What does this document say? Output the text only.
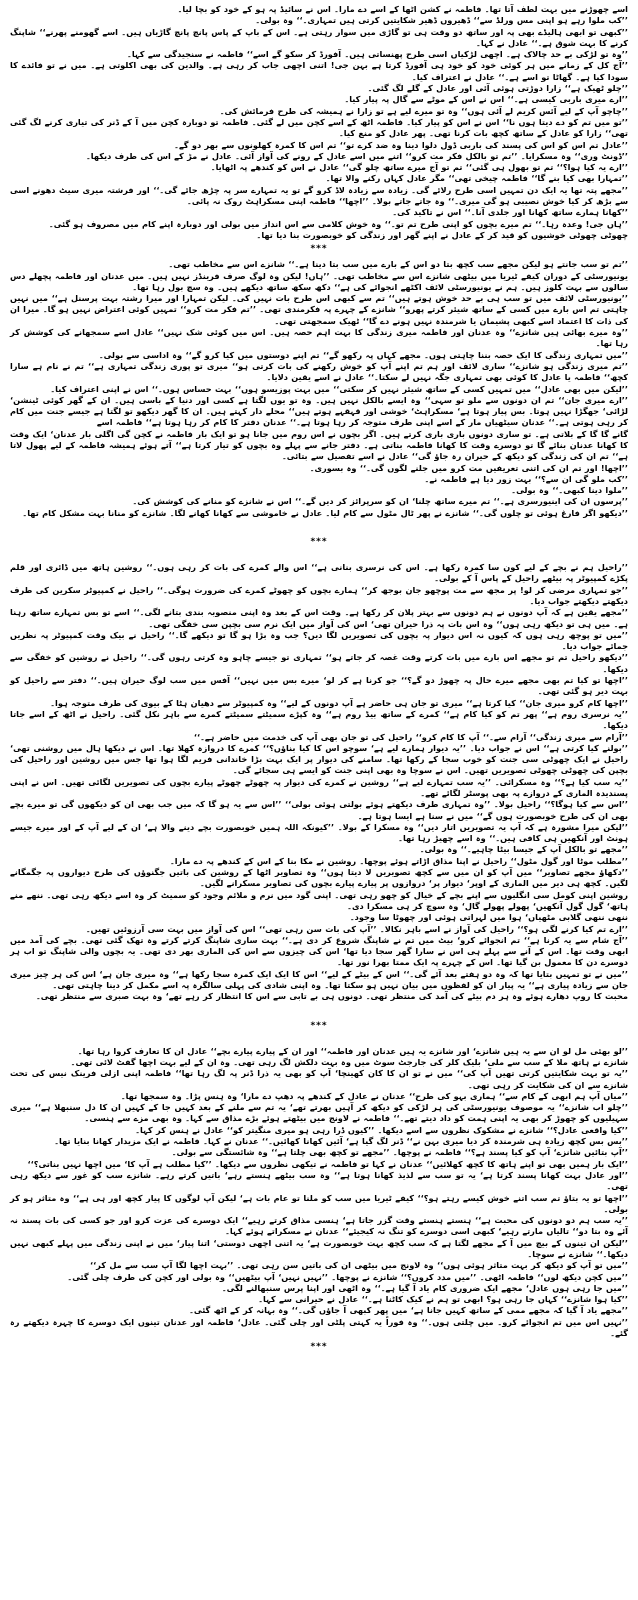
اسے چھوڑنے میں بہت لطف آتا تھا۔ فاطمہ نے کشن اٹھا کے اسے دے مارا۔ اس نے سائیڈ پہ ہو کے خود کو بچا لیا۔

’’کب ملوا رہے ہو اپنی مس ورلڈ سے‘‘ ڈھیروں ڈھیر شکایتیں کرتی ہیں تمہاری۔‘‘ وہ بولی۔

’’کبھی تو ابھی ہالیڈے بھی پہ اور ساتھ دو وقت ہی تو گاڑی میں سوار رہتی ہے۔ اس کے باپ کے پاس پانچ پانچ گاڑیاں ہیں۔ اسے گھومنے پھرنے‘‘ شاپنگ کرنے کا بہت شوق ہے۔‘‘ عادل نے کہا۔

’’وہ تو لڑکی بے حد چالاک ہے۔ اچھی لڑکیاں اسی طرح پھنساتی ہیں۔ آفورڈ کر سکو گے اسے‘‘ فاطمہ نے سنجیدگی سے کہا۔

’’آج کل کے زمانے میں ہر کوئی خود کو خود ہی آفورڈ کرتا ہے بہن جی! اتنی اچھی جاب کر رہی ہے۔ والدین کی بھی اکلوتی ہے۔ میں نے تو فائدے کا سودا کیا ہے۔ گھاٹا تو اسے ہے۔‘‘ عادل نے اعتراف کیا۔

’’چلو ٹھیک ہے‘‘ زارا دوڑتی ہوئی آئی اور عادل کے گلے لگ گئی۔

’’ارے میری باربی کیسی ہے۔‘‘ اس نے اس کے موٹے سے گال پہ پیار کیا۔

’’چاچو آپ کے لیے آئس کریم لے آئی ہوں‘‘ وہ تو میرے لیے ہے تو زارا نے ہمیشہ کی طرح فرمائش کی۔

’’تو میں تم کو دے دیتا ہوں نا‘‘ اس نے اس کو پیار کیا۔ فاطمہ اٹھ کے اسے کچن میں لے گئی۔ فاطمہ تو دوبارہ کچن میں آ کے ڈنر کی تیاری کرنے لگ گئی تھی‘‘ زارا کو عادل کے ساتھ کچھ بات کرنا تھی۔ پھر عادل کو منع کیا۔

’’عادل تم اس کو اس کی پسند کی باربی ڈول دلوا دینا وہ ضد کرے تو‘‘ تم اس کا کمرہ کھلونوں سے بھر دو گے۔

’’ڈونٹ وری‘‘ وہ مسکرایا۔ ’’تم تو بالکل فکر مت کرو‘‘ اتنے میں اسے عادل کے رونے کی آواز آئی۔ عادل نے مڑ کے اس کی طرف دیکھا۔

’’ارے یہ کیا ہوا؟‘‘ تم تو بھول ہی گئی‘‘ تم تو آج میرے ساتھ چلو گی‘‘ عادل نے اس کو کندھے پہ اٹھایا۔

’’تمہارا بھی کیا بنے گا‘‘ فاطمہ چیخی تھی‘‘ مگر عادل کہاں رکنے والا تھا۔

’’مجھے پتہ تھا یہ ایک دن تمہیں اسی طرح رلائے گی۔ زیادہ سے زیادہ لاڈ کرو گے تو یہ تمہارے سر پہ چڑھ جائے گی۔‘‘ اور فرشتہ میری سیٹ دھونے اسی سے بڑھ کر کیا خوش نصیبی ہو گی میری۔‘‘ وہ جاتے جاتے بولا۔ ’’اچھا‘‘ فاطمہ اپنی مسکراہٹ روک نہ پائی۔

’’کھانا ہمارے ساتھ کھانا اور جلدی آنا۔‘‘ اس نے تاکید کی۔

’’ہاں جی! وعدہ رہا۔‘‘ تم میرے بچوں کو اپنی طرح تم تو۔‘‘ وہ خوش کلامی سے اس انداز میں بولی اور دوبارہ اپنے کام میں مصروف ہو گئی۔

چھوٹی چھوٹی خوشیوں کو قید کر کے عادل نے اپنے گھر اور زندگی کو خوبصورت بنا دیا تھا۔

***

’’تم تو سب جانتے ہو لیکن مجھے سب کچھ بتا دو اس کے بارے میں سب بتا دینا ہے۔‘‘ شانزے اس سے مخاطب تھی۔

یونیورسٹی کے دوران کیفے ٹیریا میں بیٹھی شانزے اس سے مخاطب تھی۔ ’’ہاں! لیکن وہ لوگ صرف فرینڈز نہیں ہیں۔ میں عدنان اور فاطمہ پچھلے دس سالوں سے بہت کلوز ہیں۔ ہم نے یونیورسٹی لائف اکٹھے انجوائے کی ہے‘‘ دکھ سکھ ساتھ دیکھے ہیں۔ وہ سچ بول رہا تھا۔

’’یونیورسٹی لائف میں تو سب ہی بے حد خوش ہوتے ہیں‘‘ تم سے کبھی اس طرح بات نہیں کی۔ لیکن تمہارا اور میرا رشتہ بہت پرسنل ہے‘‘ میں نہیں چاہتی تم اس بارے میں کسی کے ساتھ شیئر کرتے پھرو‘‘ شانزے کے چہرے پہ فکرمندی تھی۔ ’’تم فکر مت کرو‘‘ تمہیں کوئی اعتراض نہیں ہو گا۔ میرا ان کی ذات کا اعتماد اسے کبھی پشیمان یا شرمندہ نہیں ہونے دے گا‘‘ ٹھیک سمجھتی تھی۔

’’وہ میرے بھائی ہیں شانزے‘‘ وہ عدنان اور فاطمہ میری زندگی کا بہت اہم حصہ ہیں۔ اس میں کوئی شک نہیں‘‘ عادل اسے سمجھانے کی کوشش کر رہا تھا۔

’’میں تمہاری زندگی کا ایک حصہ بننا چاہتی ہوں۔ مجھے کہاں پہ رکھو گے‘‘ تم اپنے دوستوں میں کیا کرو گے‘‘ وہ اداسی سے بولی۔

’’تم میری زندگی ہو شانزے‘‘ ساری لائف اور ہم تم اپنے آپ کو خوش رکھنے کی بات کرتی ہو‘‘ میری تو پوری زندگی تمہاری ہے‘‘ تم نے نام ہے سارا کچھ‘‘ فاطمہ یا عادل کا کوئی بھی تمہاری جگہ نہیں لے سکتا۔‘‘ عادل نے اسے یقین دلایا۔

’’لیکن میں بھی عادل‘‘ میں تمہیں کسی کے ساتھ شیئر نہیں کر سکتی‘‘ میں بہت پوزیسو ہوں‘‘ بہت حساس ہوں۔‘‘ اس نے اپنی اعتراف کیا۔

’’ارے میری جان‘‘ تم ان دونوں سے ملو تو سہی‘‘ وہ ایسے بالکل نہیں ہیں۔ وہ تو یوں لگتا ہے کسی اور دنیا کے باسی ہیں۔ ان کے گھر کوئی ٹینشن‘ لڑائی‘ جھگڑا نہیں ہوتا۔ بس پیار ہوتا ہے‘ مسکراہٹ‘ خوشی اور قہقہے ہوتے ہیں‘‘ محلے دار کہتے ہیں۔ ان کا گھر دیکھو تو لگتا ہے جیسے جنت میں کام کر رہی ہوتی ہے۔‘‘ عدنان سیٹھیاں مار کے اسے اپنی طرف متوجہ کر رہا ہوتا ہے۔‘‘ عدنان دفتر کا کام کر رہا ہوتا ہے‘‘ فاطمہ اسے

گانے گا گا کے بلاتی ہے۔ تو ساری دونوں باری باری کرتے ہیں۔ اگر بچوں نے اس روم میں جانا ہو تو ایک بار فاطمہ نے کچن گی اگلی بار عدنان‘ ایک وقت کا کھانا عدنان بنائے گا تو دوسرے وقت کا کھانا فاطمہ بناتی ہے۔ دفتر جانے سے پہلے وہ بچوں کو تیار کرتا ہے‘‘ آتے ہوئے ہمیشہ فاطمہ کے لیے پھول لاتا ہے‘‘ تم ان کی زندگی کو دیکھ کے حیران رہ جاؤ گی‘‘ عادل نے اسے تفصیل سے بتائی۔

’’اچھا! اور تم ان کی اتنی تعریفیں مت کرو میں جلنے لگوں گی۔‘‘ وہ بسوری۔

’’کب ملو گی ان سے؟‘‘ بہت زور دیا ہے فاطمہ نے۔

’’ملوا دینا کبھی۔‘‘ وہ بولی۔

’’پرسوں ان کی اینیورسری ہے۔‘‘ تم میرے ساتھ چلنا‘ ان کو سرپرائز کر دیں گے۔‘‘ اس نے شانزے کو منانے کی کوشش کی۔

’’دیکھو اگر فارغ ہوئی تو چلوں گی۔‘‘ شانزے نے پھر ٹال مٹول سے کام لیا۔ عادل نے خاموشی سے کھانا کھانے لگا۔ شانزے کو منانا بہت مشکل کام تھا۔

***

’’راحیل ہم نے بچے کے لیے کون سا کمرہ رکھا ہے۔ اس کی نرسری بنانی ہے‘‘ اس والے کمرے کی بات کر رہی ہوں۔‘‘ روشین ہاتھ میں ڈائری اور قلم پکڑے کمپیوٹر پہ بیٹھے راحیل کے پاس آ کے بولی۔

’’جو تمہاری مرضی کر لو! پر مجھ سے مت پوچھو جان بوجھ کر‘‘ ہمارے بچوں کو چھوٹے کمرے کی ضرورت ہوگی۔‘‘ راحیل نے کمپیوٹر سکرین کی طرف دیکھتے دیکھتے جواب دیا۔

’’مجھے یقین ہے کہ آپ دونوں نے ہم دونوں سے بہتر پلان کر رکھا ہے۔ وقت اس کے بعد وہ اپنی منصوبہ بندی بتانے لگی۔‘‘ اسے تو بس تمہارے ساتھ رہنا ہے۔ میں ہی تو دیکھ رہی ہوں‘‘ وہ اس بات پہ ذرا حیران تھی‘ اس کی آواز میں ایک نرم سی بچپن سی خفگی تھی۔

’’میں تو پوچھ رہی ہوں کہ کیوں نہ اس دیوار پہ بچوں کی تصویریں لگا دیں؟ جب وہ بڑا ہو گا تو دیکھے گا۔‘‘ راحیل نے بیک وقت کمپیوٹر پہ نظریں جمائے جواب دیا۔

’’دیکھو راحیل تم تو مجھے اس بارے میں بات کرتے وقت غصہ کر جاتے ہو‘‘ تمہاری تو جیسے چاہو وہ کرتی رہوں گی۔‘‘ راحیل نے روشین کو خفگی سے دیکھا۔

’’اچھا تو کیا تم بھی مجھے میرے حال پہ چھوڑ دو گے؟‘‘ جو کرنا ہے کر لو‘ میرے بس میں نہیں‘‘ آفس میں سب لوگ حیران ہیں۔‘‘ دفتر سے راحیل کو بہت دیر ہو گئی تھی۔

’’اچھا کام کرو میری جان‘‘ کیا کرتا ہے‘‘ میری تو جان ہی حاضر ہے آپ دونوں کے لیے‘‘ وہ کمپیوٹر سے دھیان ہٹا کے بیوی کی طرف متوجہ ہوا۔

’’یہ نرسری روم ہے‘‘ پھر تم کو کیا کام ہے‘‘ کمرے کے ساتھ بیڈ روم ہے‘‘ وہ کپڑے سمیٹتے سمیٹتے کمرے سے باہر نکل گئی۔ راحیل نے اٹھ کے اسے جاتا دیکھا۔

’’آرام سے میری زندگی‘‘ آرام سے۔‘‘ آپ کا کام کرو‘‘ راحیل کی تو جان بھی آپ کی خدمت میں حاضر ہے۔‘‘

’’بولنے کیا کرتی ہے‘‘ اس نے جواب دیا۔ ’’یہ دیوار ہمارے لیے ہے‘ سوچو اس کا کیا بناؤں؟‘‘ کمرے کا دروازہ کھلا تھا۔ اس نے دیکھا ہال میں روشنی تھی‘ راحیل نے ایک چھوٹی سی جنت کو خوب سجا کے رکھا تھا۔ سامنے کی دیوار پر ایک بہت بڑا خاندانی فریم لگا ہوا تھا جس میں روشین اور راحیل کی بچپن کی چھوٹی چھوٹی تصویریں تھیں۔ اس نے سوچا وہ بھی اپنی جنت کو ایسے ہی سجائے گی۔

’’یہ سب کیا ہے؟‘‘ وہ مسکرائی۔ ’’یہ سب تمہارے لیے ہے‘‘ روشین نے کمرے کی دیوار پہ چھوٹے چھوٹے پیارے بچوں کی تصویریں لگائی تھیں۔ اس نے اپنی پسندیدہ الماری کے دروازے پہ بھی پوسٹر لگائے تھے۔

’’اس سے کیا ہوگا؟‘‘ راحیل بولا۔ ’’وہ تمہاری طرف دیکھتے ہوئے بولتی ہوئی بولی‘‘ ’’اس سے یہ ہو گا کہ میں جب بھی ان کو دیکھوں گی تو میرے بچے بھی ان کی طرح خوبصورت ہوں گے‘‘ میں نے سنا ہے ایسا ہوتا ہے۔

’’لیکن میرا مشورہ ہے کہ آپ یہ تصویریں اتار دیں‘‘ وہ مسکرا کے بولا۔ ’’کیونکہ اللہ ہمیں خوبصورت بچے دینے والا ہے‘ ان کے لیے آپ کے اور میرے جیسے ہونٹ اور آنکھیں ہی کافی ہیں۔‘‘ وہ اسے چھیڑ رہا تھا۔

’’مجھے تو بالکل آپ کے جیسا بیٹا چاہیے۔‘‘ وہ بولی۔

’’مطلب موٹا اور گول مٹول‘‘ راحیل نے اپنا مذاق اڑاتے ہوئے پوچھا۔ روشین نے مکا بنا کے اس کے کندھے پہ دے مارا۔

’’دکھاؤ مجھے تصاویر‘‘ میں آپ کو ان میں سے کچھ تصویریں لا دیتا ہوں‘‘ وہ تصاویر اٹھا کے روشین کی باتیں جگنوؤں کی طرح دیواروں پہ جگمگانے لگیں۔ کچھ ہی دیر میں الماری کے اوپر‘ دیوار پر‘ دروازوں پر پیارے پیارے بچوں کی تصاویر مسکرانے لگیں۔

روشین اپنی کومل سی انگلیوں سے اپنے بچے کے خیال کو چھو رہی تھی۔ اپنی گود میں نرم و ملائم وجود کو سمیٹ کر وہ اسے دیکھ رہی تھی۔ ننھے منے ہاتھ‘ گول گول آنکھیں‘ پھولے پھولے گال‘ وہ سوچ کر ہی مسکرا دی۔

ننھی ننھی گلابی مٹھیاں‘ ہوا میں لہراتی ہوئی اور چھوٹا سا وجود۔

’’ارے تم کیا کرنے لگی ہو؟‘‘ راحیل کی آواز نے اسے باہر نکالا۔ ’’آپ کی بات سن رہی تھی‘‘ اس کی آواز میں بہت سی آرزوئیں تھیں۔

’’آج شام سے یہ کرنا ہے‘‘ تم انجوائے کرو‘ بیٹ میں تم نے شاپنگ شروع کر دی ہے۔‘‘ بہت ساری شاپنگ کرتے کرتے وہ تھک گئی تھی۔ بچے کی آمد میں ابھی وقت تھا۔ اس کے آنے سے پہلے ہی اس نے سارا گھر سجا دیا تھا‘ اس کی چیزوں سے اس کی الماری بھر دی تھی۔ یہ بچوں والی شاپنگ تو اب ہر دوسرے دن کا معمول بن گیا تھا۔ اس کے چہرے پہ ایک ممتا بھرا نور تھا۔

’’میں نے تو تمہیں بتایا تھا کہ وہ دو ہفتے بعد آئے گی۔‘‘ اس کے بیٹے کے لیے‘‘ اس کا ایک ایک کمرہ سجا رکھا ہے‘‘ وہ میری جان ہے‘ اس کی ہر چیز میری جان سے زیادہ پیاری ہے‘‘ یہ پیار ان کو لفظوں میں بیان نہیں ہو سکتا تھا۔ وہ اپنی شادی کی پہلی سالگرہ پہ اسے مکمل کر دینا چاہتی تھی۔

محبت کا روپ دھارے ہوئے وہ ہر دم بیٹے کی آمد کی منتظر تھی۔ دونوں ہی بے تابی سے اس کا انتظار کر رہے تھے‘ وہ بہت صبری سے منتظر تھی۔

***

’’لو بھئی مل لو ان سے یہ ہیں شانزے‘ اور شانزے یہ ہیں عدنان اور فاطمہ‘‘ اور ان کے پیارے پیارے بچے‘‘ عادل ان کا تعارف کروا رہا تھا۔

شانزے نے ہاتھ ملا کے سب سے ملی‘ بلیک کلر کی جارجٹ سوٹ میں وہ بہت دلکش لگ رہی تھی۔ وہ ان کے لیے بہت اچھا گفٹ لائی تھی۔

’’یہ تو بہت شکایتیں کرتی تھیں آپ کی‘‘ میں نے تو ان کا کان کھینچا‘ آپ کو بھی یہ ذرا ڈنر پہ لگ رہا تھا‘‘ فاطمہ اپنی ازلی فرینک نیس کی تحت شانزے سے ان کی شکایت کر رہی تھی۔

’’میاں آپ ہم ابھی کے کام سے‘‘ ہماری بہو کی طرح‘‘ عدنان نے عادل کے کندھے پہ دھپ دے مارا‘ وہ ہنس پڑا۔ وہ سمجھا تھا۔

’’چلو اب شانزے‘‘ یہ موصوف یونیورسٹی کی ہر لڑکی کو دیکھ کر آہیں بھرتے تھے‘ یہ تم سے ملنے کے بعد کہیں جا کے کہیں ان کا دل سنبھلا ہے‘‘ میری سہیلیوں کو چھوڑ کر بھی یہ اپنی ہمت کو داد دیتے تھے۔‘‘ فاطمہ نے لاونج میں بیٹھتے ہوئے بڑے مذاق سے کہا۔ وہ بھی مزے سے ہنسی۔

’’کیا واقعی عادل؟‘‘ شانزے نے مشکوک نظروں سے اسے دیکھا۔ ’’کیوں ڈرا رہی ہو میری منگیتر کو‘‘ عادل نے ہنس کر کہا۔

’’بس بس کچھ زیادہ ہی شرمندہ کر دیا میری بہن نے‘‘ ڈنر لگ گیا ہے‘ آئیں کھانا کھائیں۔‘‘ عدنان نے کہا۔ فاطمہ نے ایک مزیدار کھانا بنایا تھا۔

’’آپ بتائیں شانزے‘ آپ کو کیا پسند ہے؟‘‘ فاطمہ نے پوچھا۔ ’’مجھے تو کچھ بھی چلتا ہے‘‘ وہ شائستگی سے بولی۔

’’ایک بار ہمیں بھی تو اپنے ہاتھ کا کچھ کھلائیں‘‘ عدنان نے کہا تو فاطمہ نے تیکھی نظروں سے دیکھا۔ ’’کیا مطلب ہے آپ کا‘ میں اچھا نہیں بناتی؟‘‘

’’اور عادل بہت کھانا پسند کرتا ہے‘ یہ تو سب سے لذیذ کھانا ہوتا ہے‘‘ وہ سب بیٹھے ہنستے رہے‘ باتیں کرتے رہے۔ شانزے سب کو غور سے دیکھ رہی تھی۔

’’اچھا تو یہ بتاؤ تم سب اتنے خوش کیسے رہتے ہو؟‘‘ کیفے ٹیریا میں سب کو ملنا تو عام بات ہے‘ لیکن آپ لوگوں کا پیار کچھ اور ہی ہے‘‘ وہ متاثر ہو کر بولی۔

’’یہ سب ہم دو دونوں کی محبت ہے‘‘ ہنستے ہنستے وقت گزر جاتا ہے‘ ہنسی مذاق کرتے رہیے‘‘ ایک دوسرے کی عزت کرو اور جو کسی کی بات پسند نہ آئے وہ بتا دو‘‘ تالیاں مارتے رہیے‘ کبھی اسی دوسرے کو تنگ نہ کیجیئے‘‘ عدنان نے مسکراتے ہوئے کہا۔

’’لیکن ان تینوں کے بیچ میں آ کے مجھے لگتا ہے کہ سب کچھ بہت خوبصورت ہے‘ یہ اتنی اچھی دوستی‘ اتنا پیار‘ میں نے اپنی زندگی میں پہلے کبھی نہیں دیکھا۔‘‘ شانزے نے سوچا۔

’’میں تو آپ کو دیکھ کر بہت متاثر ہوئی ہوں‘‘ وہ لاونج میں بیٹھی ان کی باتیں سن رہی تھی۔ ’’بہت اچھا لگا آپ سب سے مل کر‘‘

’’میں کچن دیکھ لوں‘‘ فاطمہ اٹھی۔ ’’میں مدد کروں؟‘‘ شانزے نے پوچھا۔ ’’نہیں نہیں‘ آپ بیٹھیں‘‘ وہ بولی اور کچن کی طرف چلی گئی۔

’’میں جا رہی ہوں عادل‘ مجھے ایک ضروری کام یاد آ گیا ہے۔‘‘ وہ اٹھی اور اپنا پرس سنبھالنے لگی۔

’’کیا ہوا شانزے‘‘ کہاں جا رہی ہو؟ ابھی تو ہم نے کیک کاٹنا ہے۔‘‘ عادل نے حیرانی سے کہا۔

’’مجھے یاد آ گیا کہ مجھے ممی کے ساتھ کہیں جانا ہے‘ میں پھر کبھی آ جاؤں گی۔‘‘ وہ بہانہ کر کے اٹھ گئی۔

’’نہیں اس میں تم انجوائے کرو۔ میں چلتی ہوں۔‘‘ وہ فوراً یہ کہتی پلٹی اور چلی گئی۔ عادل‘ فاطمہ اور عدنان تینوں ایک دوسرے کا چہرہ دیکھتے رہ گئے۔

***
